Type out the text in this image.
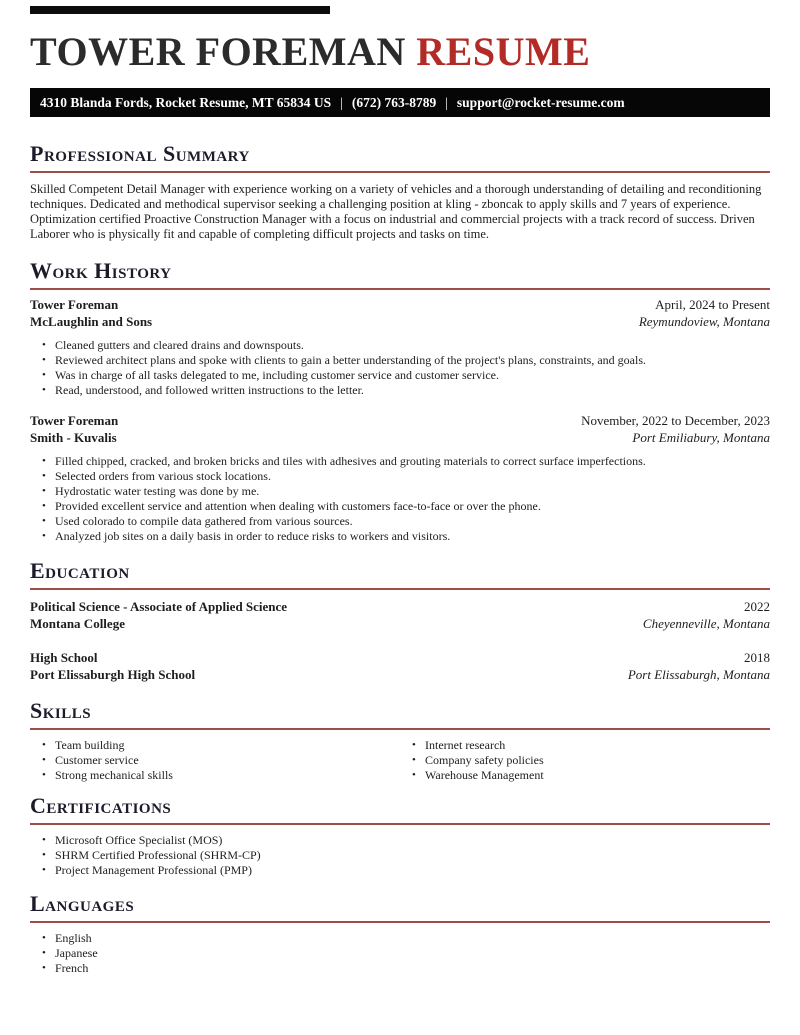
TOWER FOREMAN RESUME
4310 Blanda Fords, Rocket Resume, MT 65834 US | (672) 763-8789 | support@rocket-resume.com
Professional Summary

Skilled Competent Detail Manager with experience working on a variety of vehicles and a thorough understanding of detailing and reconditioning techniques. Dedicated and methodical supervisor seeking a challenging position at kling - zboncak to apply skills and 7 years of experience. Optimization certified Proactive Construction Manager with a focus on industrial and commercial projects with a track record of success. Driven Laborer who is physically fit and capable of completing difficult projects and tasks on time.

Work History
Tower Foreman	April, 2024 to Present
McLaughlin and Sons	Reymundoview, Montana
• Cleaned gutters and cleared drains and downspouts.
• Reviewed architect plans and spoke with clients to gain a better understanding of the project's plans, constraints, and goals.
• Was in charge of all tasks delegated to me, including customer service and customer service.
• Read, understood, and followed written instructions to the letter.
Tower Foreman	November, 2022 to December, 2023
Smith - Kuvalis	Port Emiliabury, Montana
• Filled chipped, cracked, and broken bricks and tiles with adhesives and grouting materials to correct surface imperfections.
• Selected orders from various stock locations.
• Hydrostatic water testing was done by me.
• Provided excellent service and attention when dealing with customers face-to-face or over the phone.
• Used colorado to compile data gathered from various sources.
• Analyzed job sites on a daily basis in order to reduce risks to workers and visitors.
Education
Political Science - Associate of Applied Science	2022
Montana College	Cheyenneville, Montana
High School	2018
Port Elissaburgh High School	Port Elissaburgh, Montana
Skills
• Team building
• Customer service
• Strong mechanical skills
• Internet research
• Company safety policies
• Warehouse Management
Certifications
• Microsoft Office Specialist (MOS)
• SHRM Certified Professional (SHRM-CP)
• Project Management Professional (PMP)
Languages
• English
• Japanese
• French
